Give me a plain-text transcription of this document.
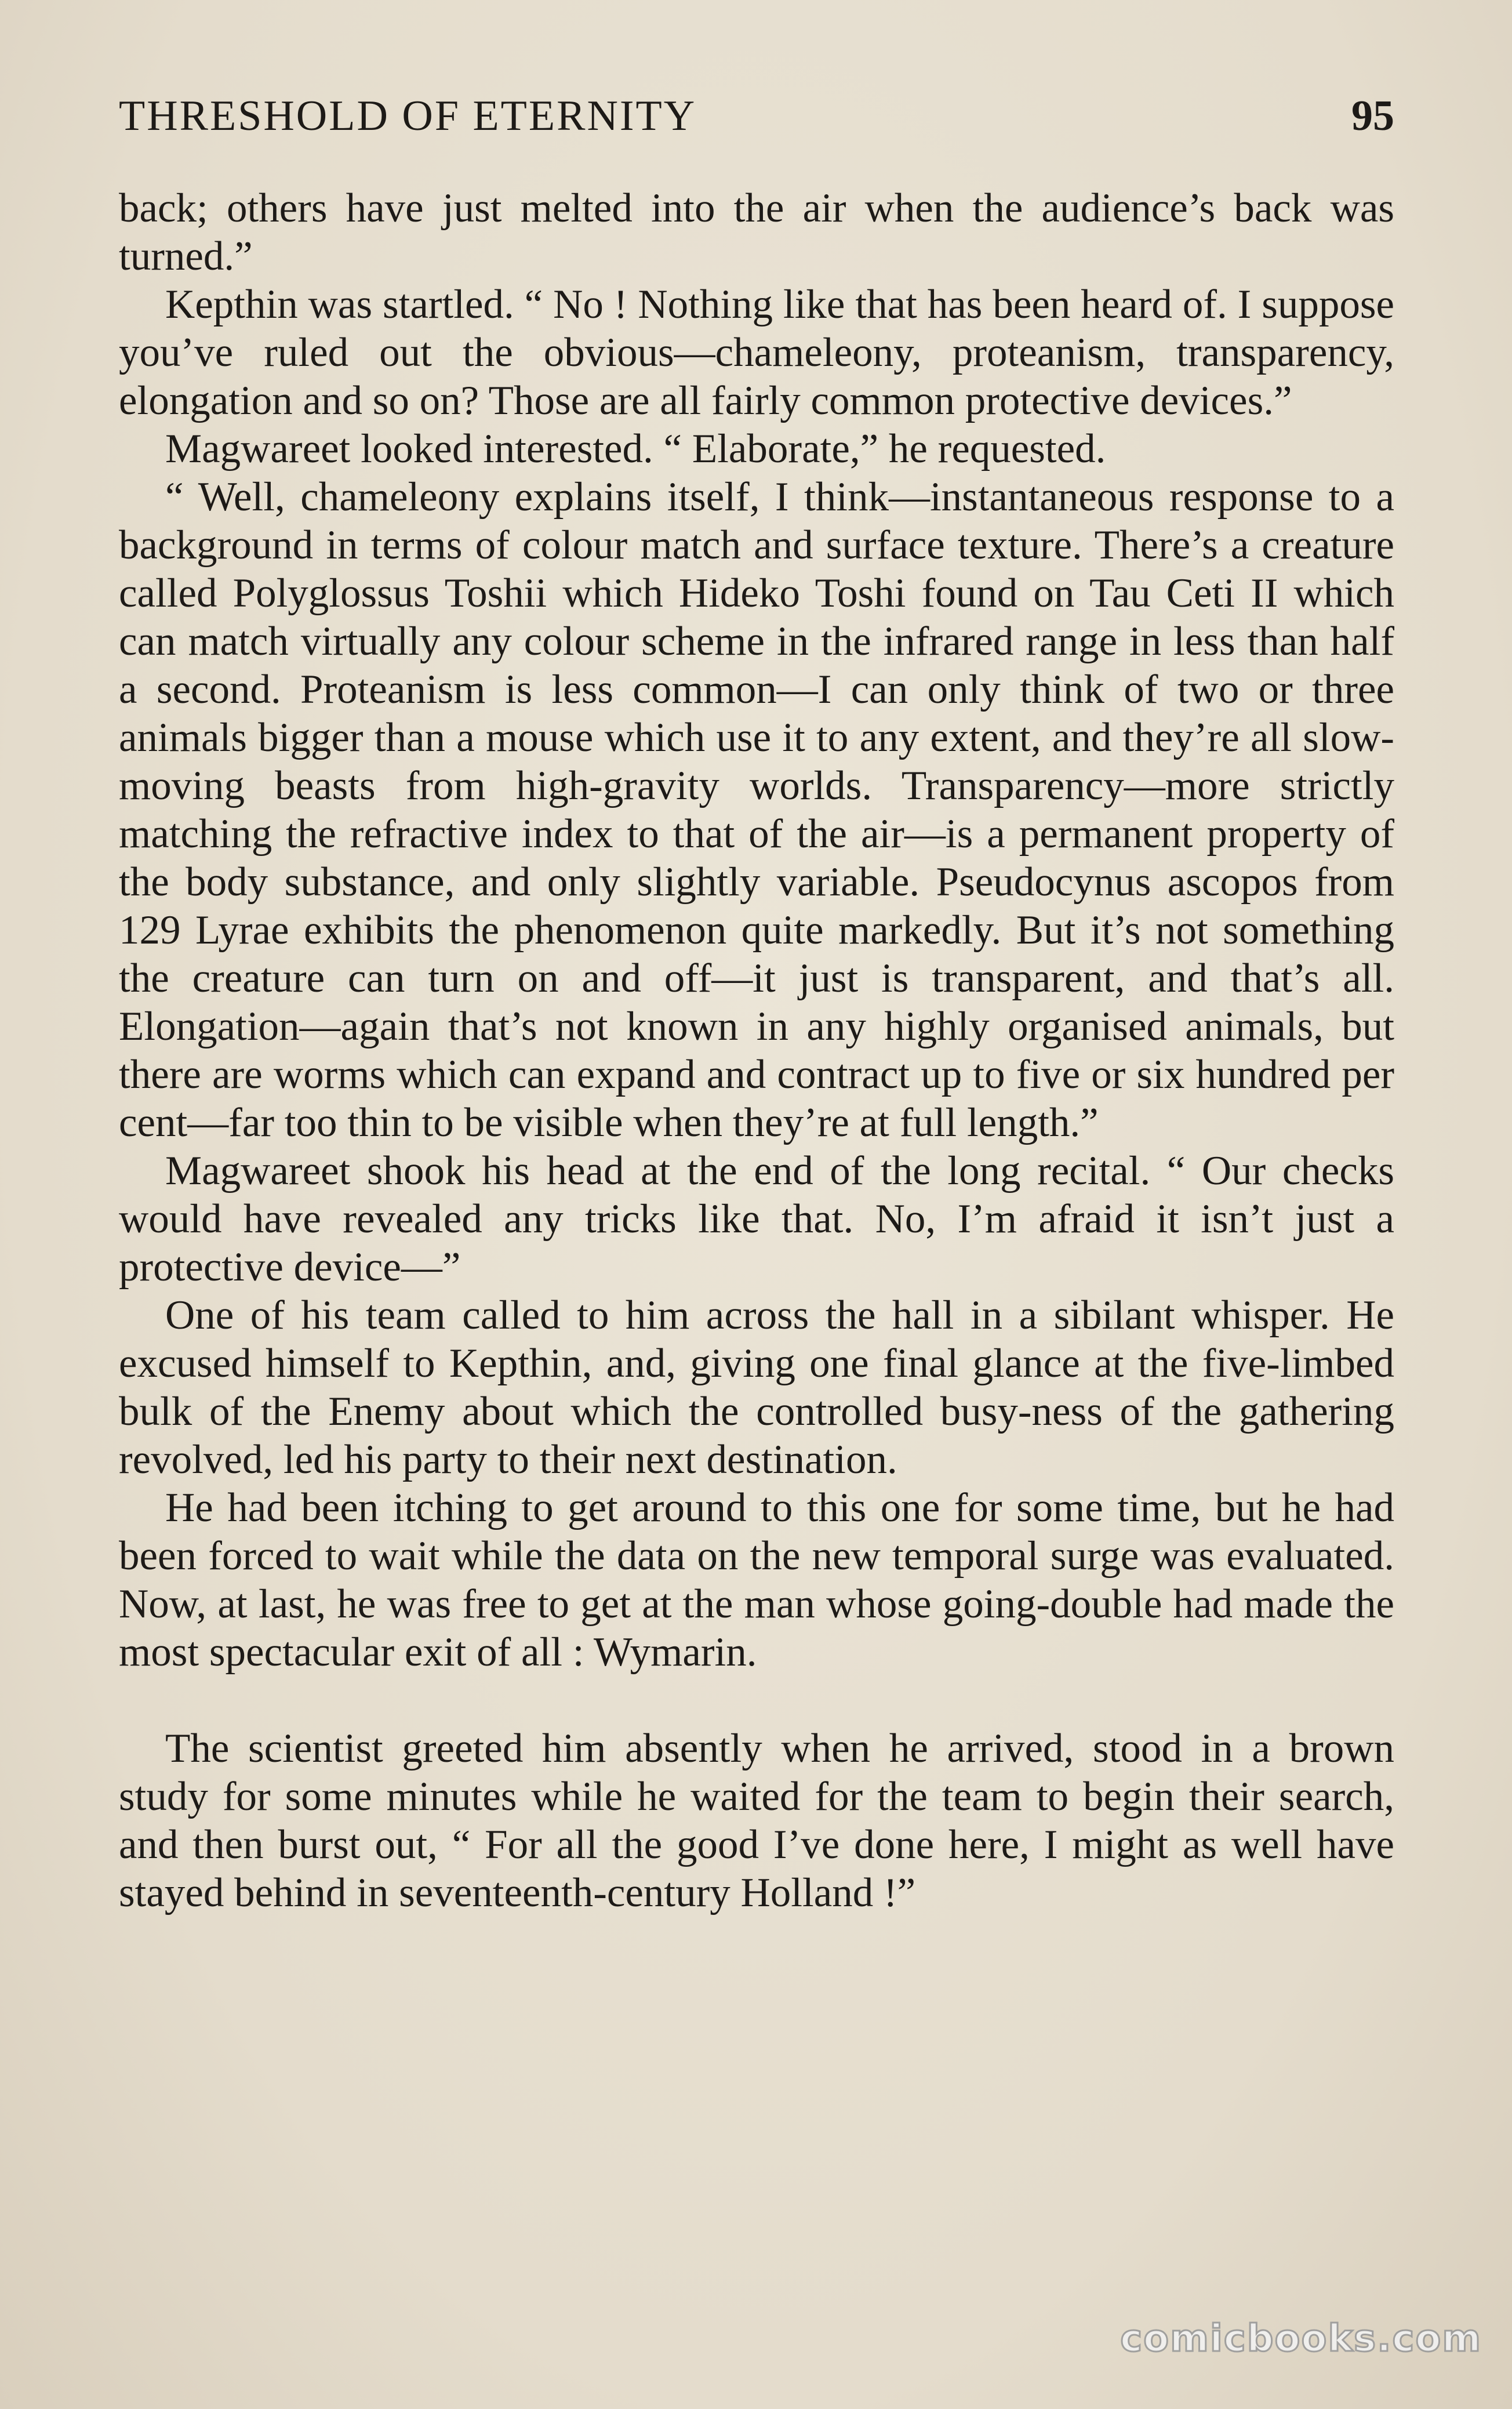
THRESHOLD OF ETERNITY	95

back; others have just melted into the air when the audience’s back was turned.”

Kepthin was startled. “ No ! Nothing like that has been heard of. I suppose you’ve ruled out the obvious—chameleony, proteanism, transparency, elongation and so on? Those are all fairly common protective devices.”

Magwareet looked interested. “ Elaborate,” he requested.

“ Well, chameleony explains itself, I think—instantaneous response to a background in terms of colour match and surface texture. There’s a creature called Polyglossus Toshii which Hideko Toshi found on Tau Ceti II which can match virtually any colour scheme in the infrared range in less than half a second. Proteanism is less common—I can only think of two or three animals bigger than a mouse which use it to any extent, and they’re all slow-moving beasts from high-gravity worlds. Transparency—more strictly matching the refractive index to that of the air—is a permanent property of the body substance, and only slightly variable. Pseudocynus ascopos from 129 Lyrae exhibits the phenomenon quite markedly. But it’s not something the creature can turn on and off—it just is transparent, and that’s all. Elongation—again that’s not known in any highly organised animals, but there are worms which can expand and contract up to five or six hundred per cent—far too thin to be visible when they’re at full length.”

Magwareet shook his head at the end of the long recital. “ Our checks would have revealed any tricks like that. No, I’m afraid it isn’t just a protective device—”

One of his team called to him across the hall in a sibilant whisper. He excused himself to Kepthin, and, giving one final glance at the five-limbed bulk of the Enemy about which the controlled busy-ness of the gathering revolved, led his party to their next destination.

He had been itching to get around to this one for some time, but he had been forced to wait while the data on the new temporal surge was evaluated. Now, at last, he was free to get at the man whose going-double had made the most spectacular exit of all : Wymarin.

The scientist greeted him absently when he arrived, stood in a brown study for some minutes while he waited for the team to begin their search, and then burst out, “ For all the good I’ve done here, I might as well have stayed behind in seventeenth-century Holland !”

comicbooks.com
